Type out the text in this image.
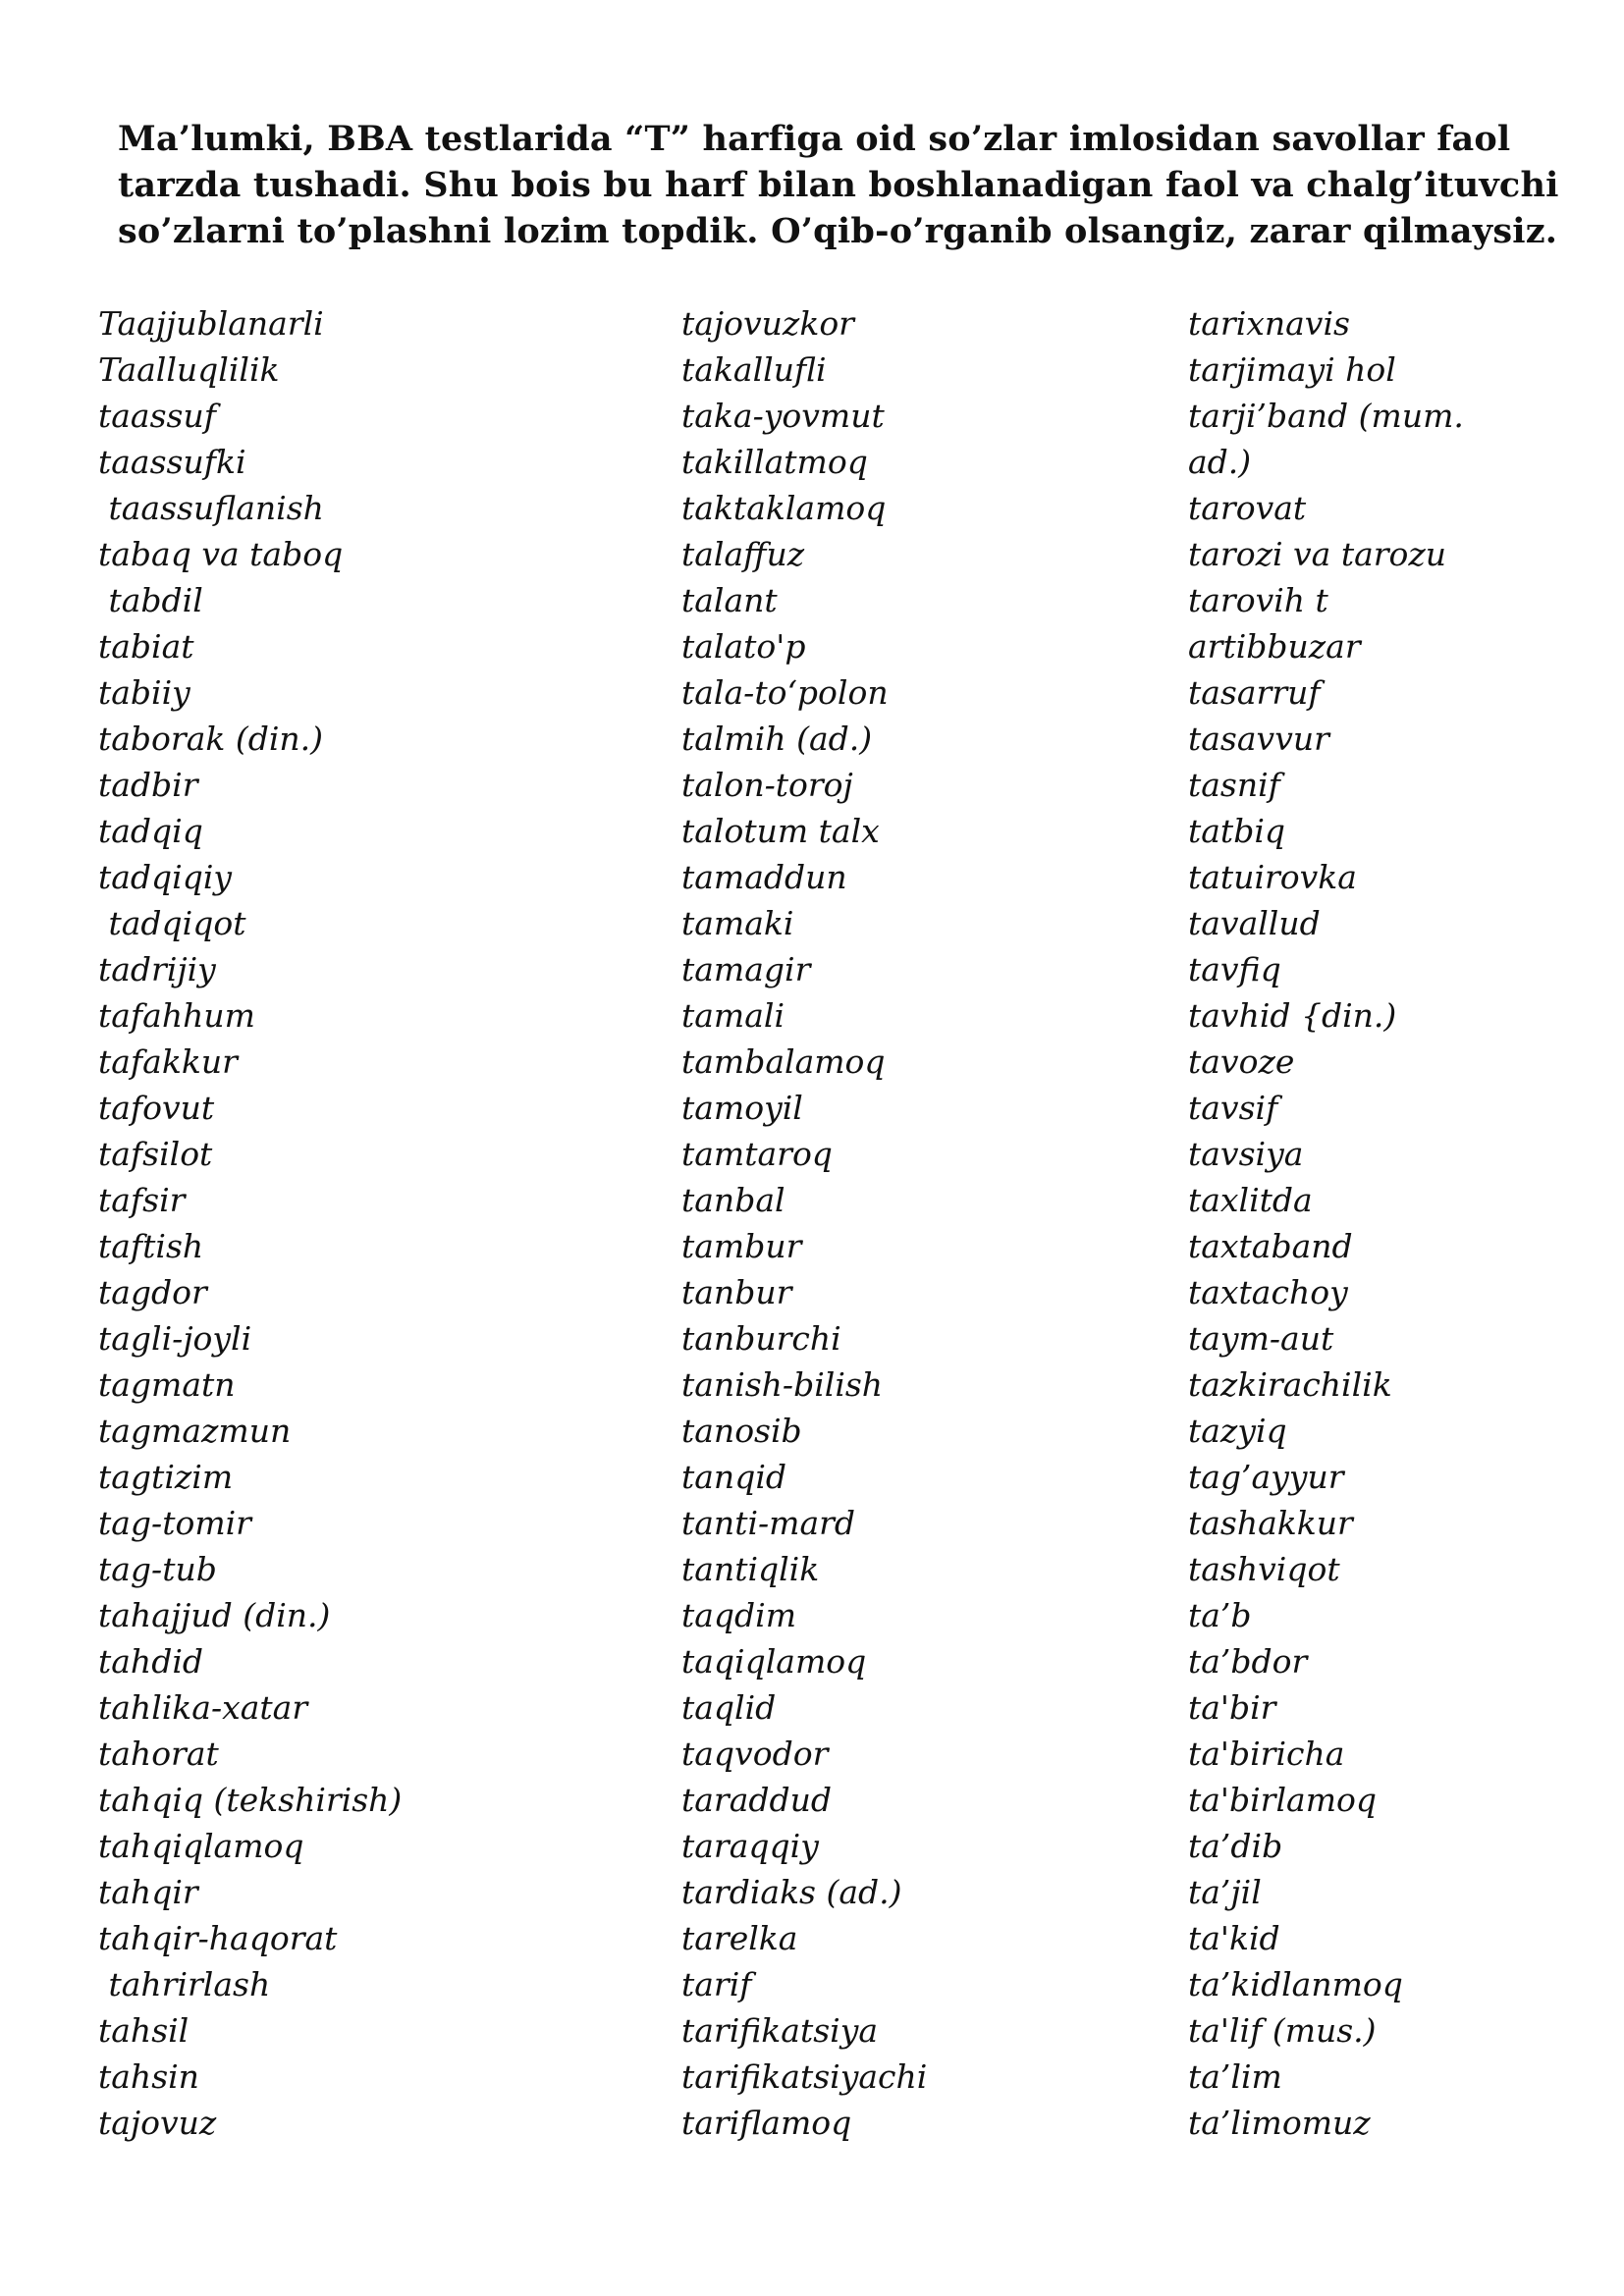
Ma’lumki, BBA testlarida “T” harfiga oid so’zlar imlosidan savollar faol
tarzda tushadi. Shu bois bu harf bilan boshlanadigan faol va chalg’ituvchi
so’zlarni to’plashni lozim topdik. O’qib-o’rganib olsangiz, zarar qilmaysiz.
Taajjublanarli
Taalluqlilik
taassuf
taassufki
taassuflanish
tabaq va taboq
tabdil
tabiat
tabiiy
taborak (din.)
tadbir
tadqiq
tadqiqiy
tadqiqot
tadrijiy
tafahhum
tafakkur
tafovut
tafsilot
tafsir
taftish
tagdor
tagli-joyli
tagmatn
tagmazmun
tagtizim
tag-tomir
tag-tub
tahajjud (din.)
tahdid
tahlika-xatar
tahorat
tahqiq (tekshirish)
tahqiqlamoq
tahqir
tahqir-haqorat
tahrirlash
tahsil
tahsin
tajovuz
tajovuzkor
takallufli
taka-yovmut
takillatmoq
taktaklamoq
talaffuz
talant
talato'p
tala-to‘polon
talmih (ad.)
talon-toroj
talotum talx
tamaddun
tamaki
tamagir
tamali
tambalamoq
tamoyil
tamtaroq
tanbal
tambur
tanbur
tanburchi
tanish-bilish
tanosib
tanqid
tanti-mard
tantiqlik
taqdim
taqiqlamoq
taqlid
taqvodor
taraddud
taraqqiy
tardiaks (ad.)
tarelka
tarif
tarifikatsiya
tarifikatsiyachi
tariflamoq
tarixnavis
tarjimayi hol
tarji’band (mum.
ad.)
tarovat
tarozi va tarozu
tarovih t
artibbuzar
tasarruf
tasavvur
tasnif
tatbiq
tatuirovka
tavallud
tavfiq
tavhid {din.)
tavoze
tavsif
tavsiya
taxlitda
taxtaband
taxtachoy
taym-aut
tazkirachilik
tazyiq
tag’ayyur
tashakkur
tashviqot
ta’b
ta’bdor
ta'bir
ta'biricha
ta'birlamoq
ta’dib
ta’jil
ta'kid
ta’kidlanmoq
ta'lif (mus.)
ta’lim
ta’limomuz
